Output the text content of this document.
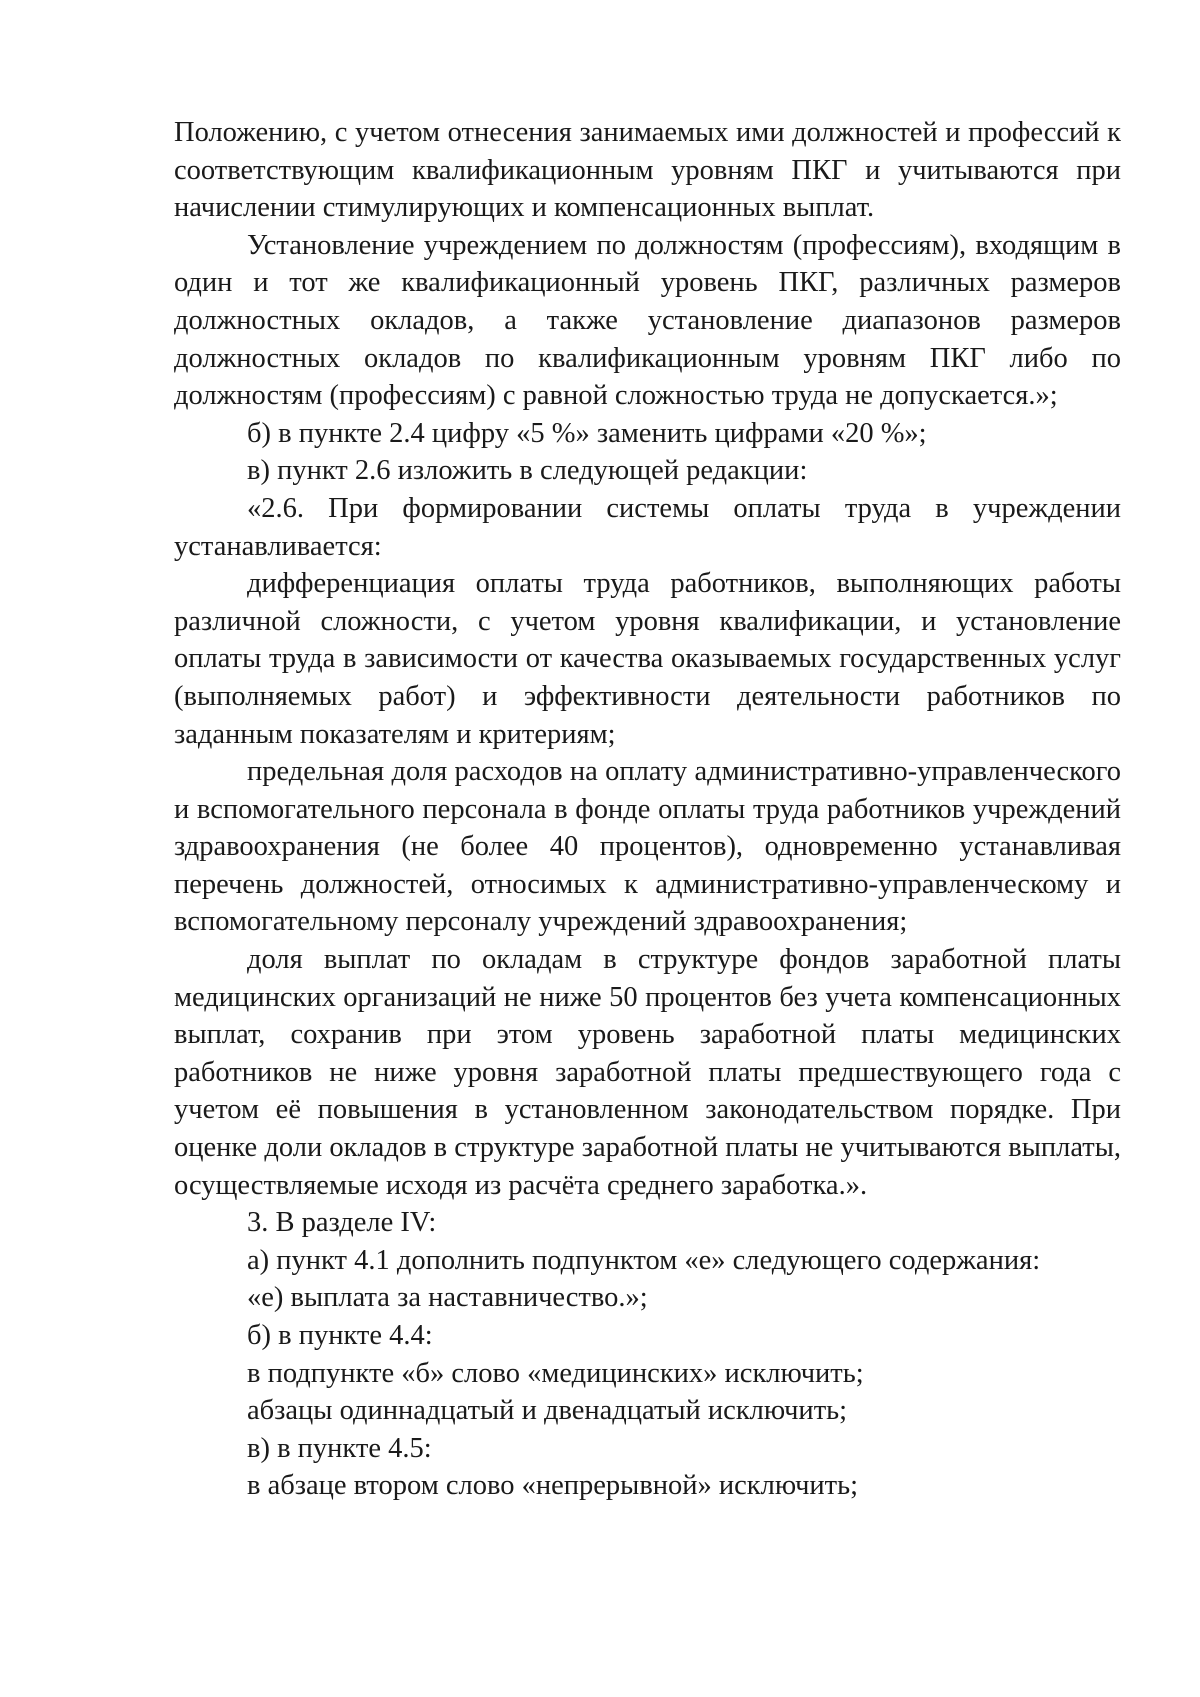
Положению, с учетом отнесения занимаемых ими должностей и профессий к соответствующим квалификационным уровням ПКГ и учитываются при начислении стимулирующих и компенсационных выплат.

Установление учреждением по должностям (профессиям), входящим в один и тот же квалификационный уровень ПКГ, различных размеров должностных окладов, а также установление диапазонов размеров должностных окладов по квалификационным уровням ПКГ либо по должностям (профессиям) с равной сложностью труда не допускается.»;

б) в пункте 2.4 цифру «5 %» заменить цифрами «20 %»;

в) пункт 2.6 изложить в следующей редакции:

«2.6. При формировании системы оплаты труда в учреждении устанавливается:

дифференциация оплаты труда работников, выполняющих работы различной сложности, с учетом уровня квалификации, и установление оплаты труда в зависимости от качества оказываемых государственных услуг (выполняемых работ) и эффективности деятельности работников по заданным показателям и критериям;

предельная доля расходов на оплату административно-управленческого и вспомогательного персонала в фонде оплаты труда работников учреждений здравоохранения (не более 40 процентов), одновременно устанавливая перечень должностей, относимых к административно-управленческому и вспомогательному персоналу учреждений здравоохранения;

доля выплат по окладам в структуре фондов заработной платы медицинских организаций не ниже 50 процентов без учета компенсационных выплат, сохранив при этом уровень заработной платы медицинских работников не ниже уровня заработной платы предшествующего года с учетом её повышения в установленном законодательством порядке. При оценке доли окладов в структуре заработной платы не учитываются выплаты, осуществляемые исходя из расчёта среднего заработка.».

3. В разделе IV:

а) пункт 4.1 дополнить подпунктом «е» следующего содержания:

«е) выплата за наставничество.»;

б) в пункте 4.4:

в подпункте «б» слово «медицинских» исключить;

абзацы одиннадцатый и двенадцатый исключить;

в) в пункте 4.5:

в абзаце втором слово «непрерывной» исключить;
